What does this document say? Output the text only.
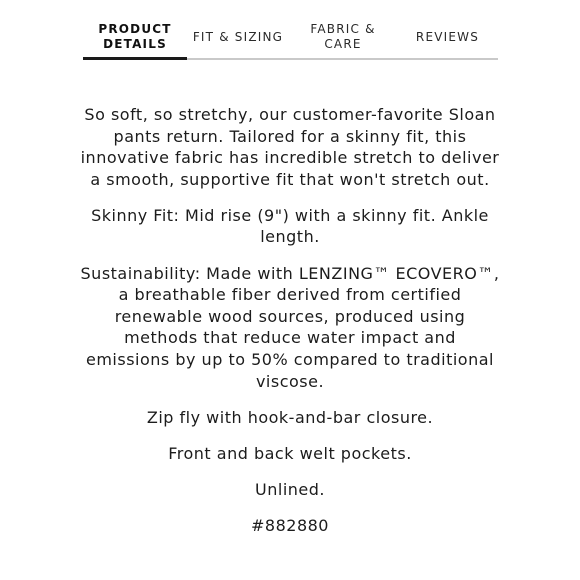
PRODUCT
DETAILS
FIT & SIZING
FABRIC &
CARE
REVIEWS

So soft, so stretchy, our customer-favorite Sloan pants return. Tailored for a skinny fit, this innovative fabric has incredible stretch to deliver a smooth, supportive fit that won't stretch out.

Skinny Fit: Mid rise (9") with a skinny fit. Ankle length.

Sustainability: Made with LENZING™ ECOVERO™, a breathable fiber derived from certified renewable wood sources, produced using methods that reduce water impact and emissions by up to 50% compared to traditional viscose.

Zip fly with hook-and-bar closure.

Front and back welt pockets.

Unlined.

#882880
